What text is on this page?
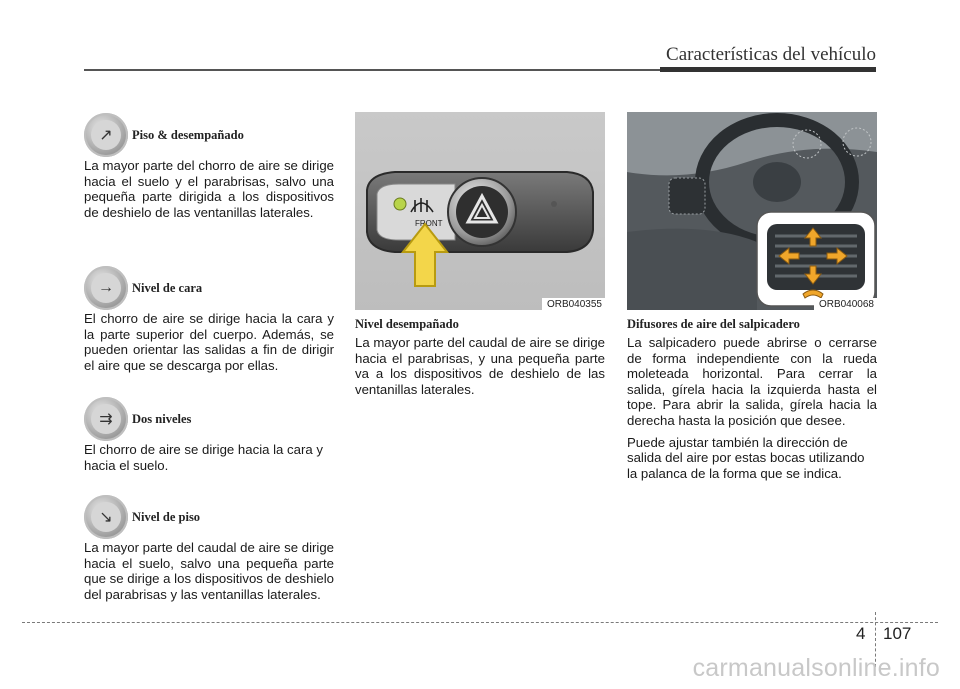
Características del vehículo
↗	Piso & desempañado

La mayor parte del chorro de aire se dirige hacia el suelo y el parabrisas, salvo una pequeña parte dirigida a los dispositivos de deshielo de las ventanillas laterales.

→	Nivel de cara

El chorro de aire se dirige hacia la cara y la parte superior del cuerpo. Además, se pueden orientar las salidas a fin de dirigir el aire que se descarga por ellas.

⇉	Dos niveles

El chorro de aire se dirige hacia la cara y hacia el suelo.

↘	Nivel de piso

La mayor parte del caudal de aire se dirige hacia el suelo, salvo una pequeña parte que se dirige a los dispositivos de deshielo del parabrisas y las ventanillas laterales.

FRONT
ORB040355
Nivel desempañado

La mayor parte del caudal de aire se dirige hacia el parabrisas, y una pequeña parte va a los dispositivos de deshielo de las ventanillas laterales.

ORB040068
Difusores de aire del salpicadero

La salpicadero puede abrirse o cerrarse de forma independiente con la rueda moleteada horizontal. Para cerrar la salida, gírela hacia la izquierda hasta el tope. Para abrir la salida, gírela hacia la derecha hasta la posición que desee.

Puede ajustar también la dirección de salida del aire por estas bocas utilizando la palanca de la forma que se indica.

4 107
carmanualsonline.info
